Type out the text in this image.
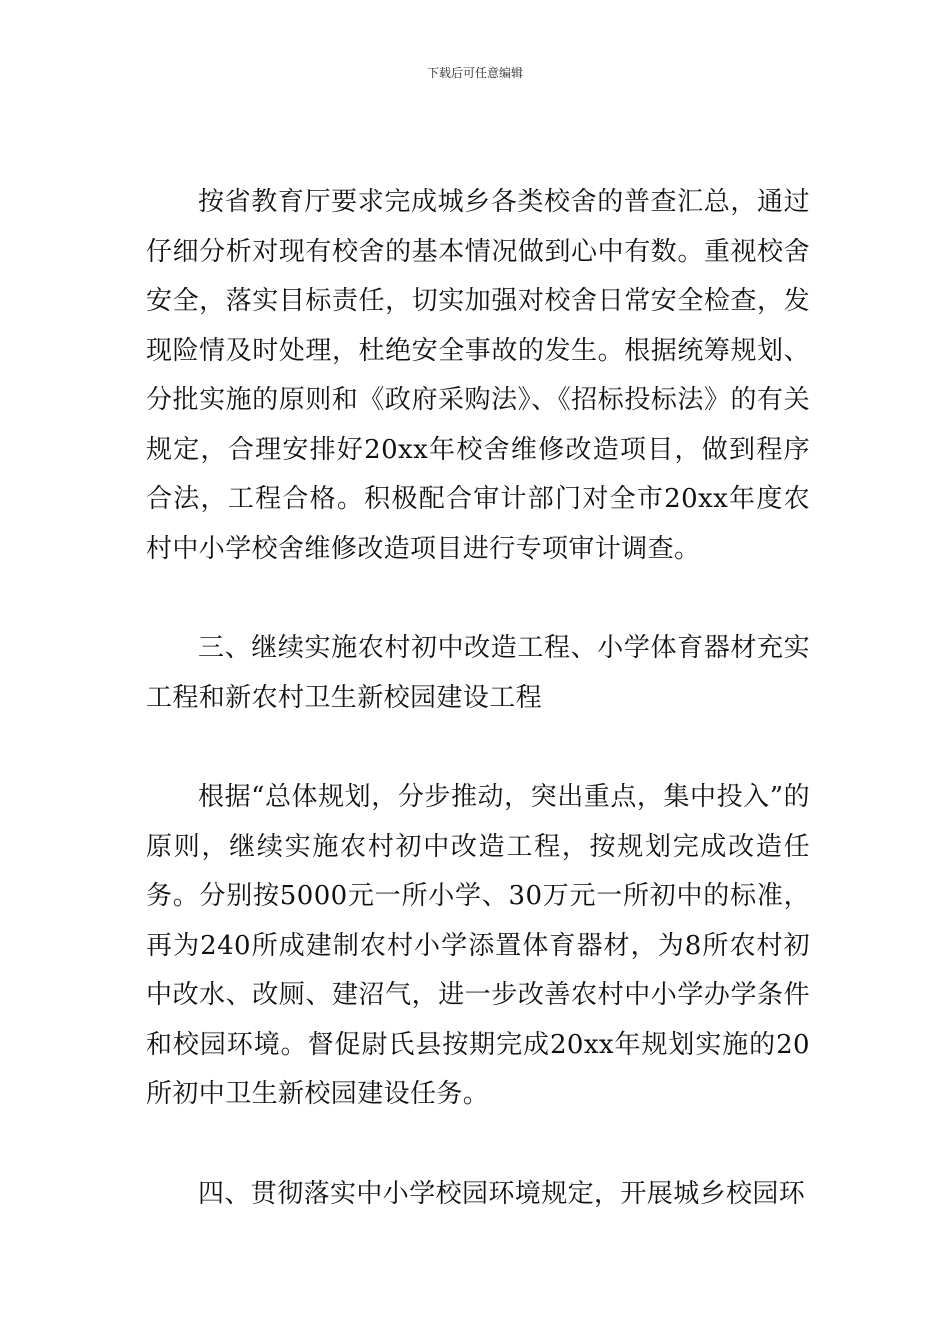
下载后可任意编辑

按省教育厅要求完成城乡各类校舍的普查汇总，通过仔细分析对现有校舍的基本情况做到心中有数。重视校舍安全，落实目标责任，切实加强对校舍日常安全检查，发现险情及时处理，杜绝安全事故的发生。根据统筹规划、分批实施的原则和《政府采购法》、《招标投标法》的有关规定，合理安排好20xx年校舍维修改造项目，做到程序合法，工程合格。积极配合审计部门对全市20xx年度农村中小学校舍维修改造项目进行专项审计调查。

三、继续实施农村初中改造工程、小学体育器材充实工程和新农村卫生新校园建设工程

根据“总体规划，分步推动，突出重点，集中投入”的原则，继续实施农村初中改造工程，按规划完成改造任务。分别按5000元一所小学、30万元一所初中的标准，再为240所成建制农村小学添置体育器材，为8所农村初中改水、改厕、建沼气，进一步改善农村中小学办学条件和校园环境。督促尉氏县按期完成20xx年规划实施的20所初中卫生新校园建设任务。

四、贯彻落实中小学校园环境规定，开展城乡校园环
